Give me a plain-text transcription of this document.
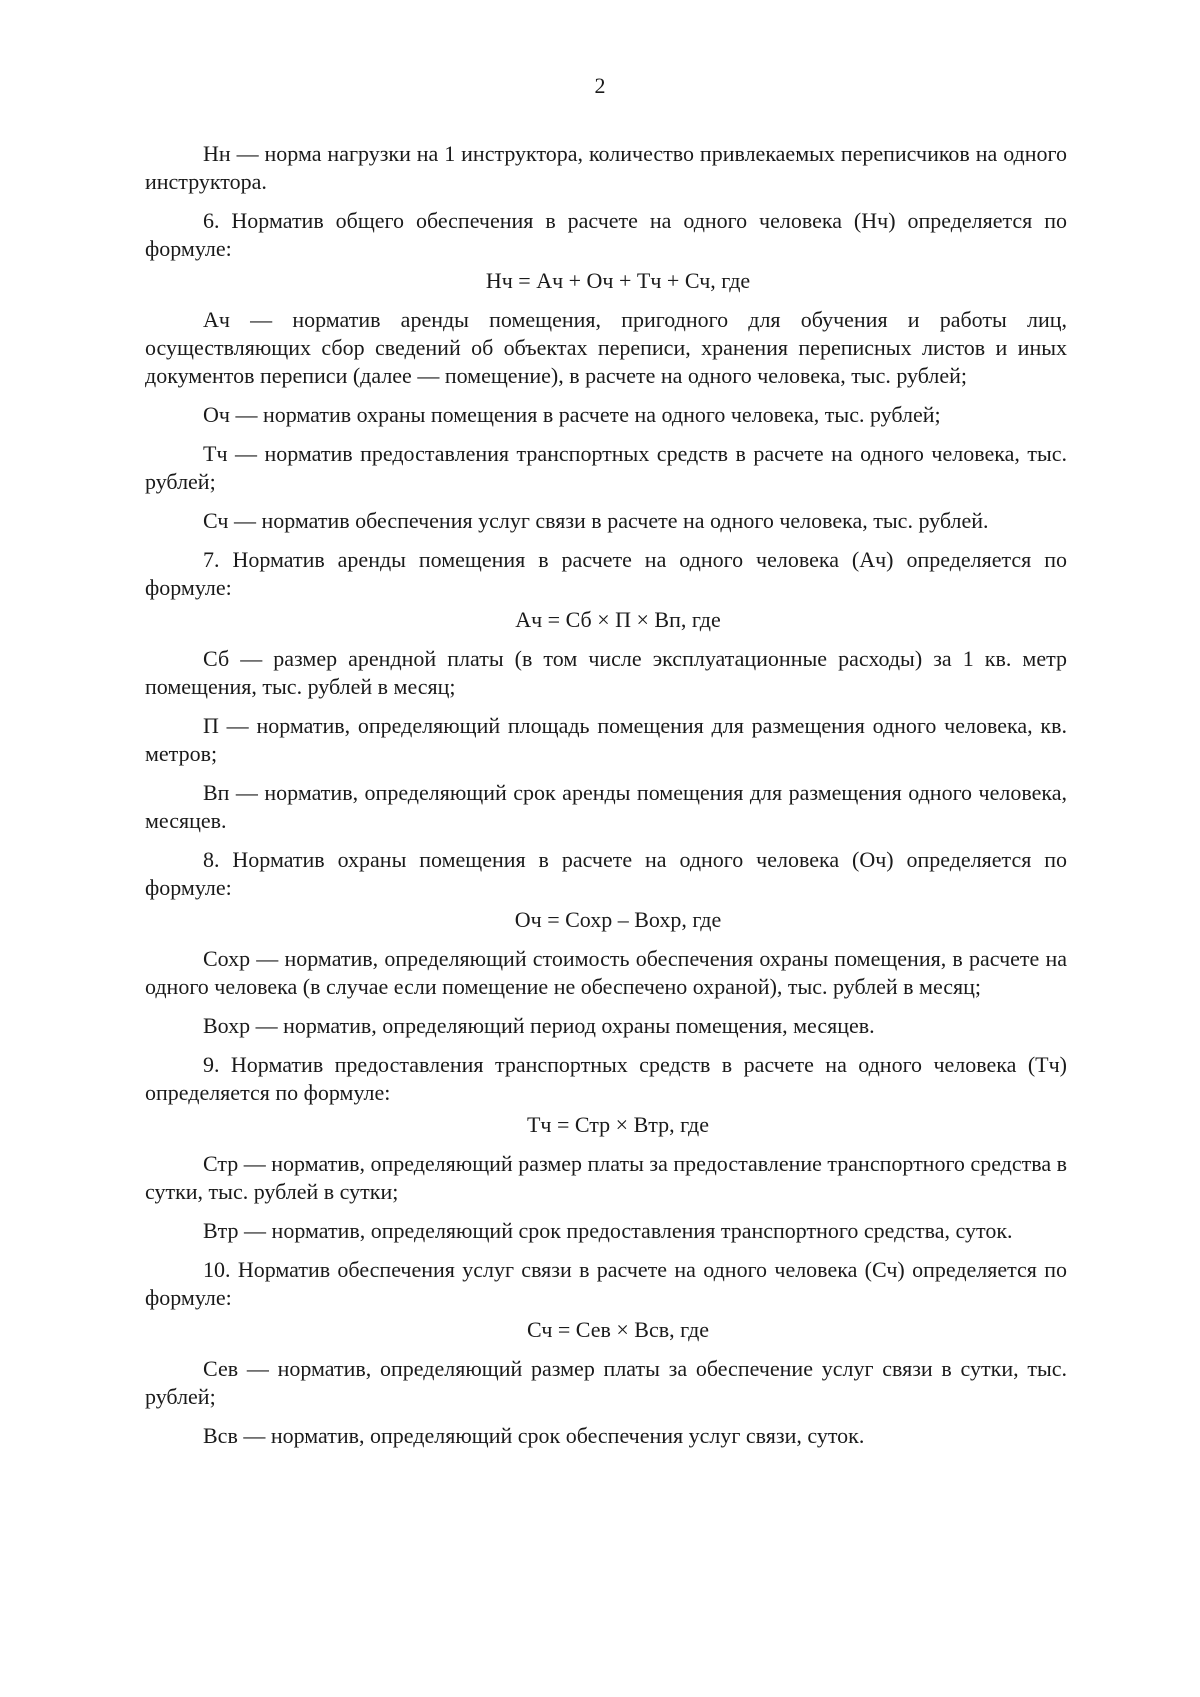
2

Нн — норма нагрузки на 1 инструктора, количество привлекаемых переписчиков на одного инструктора.

6. Норматив общего обеспечения в расчете на одного человека (Нч) определяется по формуле:

Нч = Ач + Оч + Тч + Сч, где

Ач — норматив аренды помещения, пригодного для обучения и работы лиц, осуществляющих сбор сведений об объектах переписи, хранения переписных листов и иных документов переписи (далее — помещение), в расчете на одного человека, тыс. рублей;

Оч — норматив охраны помещения в расчете на одного человека, тыс. рублей;

Тч — норматив предоставления транспортных средств в расчете на одного человека, тыс. рублей;

Сч — норматив обеспечения услуг связи в расчете на одного человека, тыс. рублей.

7. Норматив аренды помещения в расчете на одного человека (Ач) определяется по формуле:

Ач = Сб × П × Вп, где

Сб — размер арендной платы (в том числе эксплуатационные расходы) за 1 кв. метр помещения, тыс. рублей в месяц;

П — норматив, определяющий площадь помещения для размещения одного человека, кв. метров;

Вп — норматив, определяющий срок аренды помещения для размещения одного человека, месяцев.

8. Норматив охраны помещения в расчете на одного человека (Оч) определяется по формуле:

Оч = Сохр – Вохр, где

Сохр — норматив, определяющий стоимость обеспечения охраны помещения, в расчете на одного человека (в случае если помещение не обеспечено охраной), тыс. рублей в месяц;

Вохр — норматив, определяющий период охраны помещения, месяцев.

9. Норматив предоставления транспортных средств в расчете на одного человека (Тч) определяется по формуле:

Тч = Стр × Втр, где

Стр — норматив, определяющий размер платы за предоставление транспортного средства в сутки, тыс. рублей в сутки;

Втр — норматив, определяющий срок предоставления транспортного средства, суток.

10. Норматив обеспечения услуг связи в расчете на одного человека (Сч) определяется по формуле:

Сч = Сев × Всв, где

Сев — норматив, определяющий размер платы за обеспечение услуг связи в сутки, тыс. рублей;

Всв — норматив, определяющий срок обеспечения услуг связи, суток.
